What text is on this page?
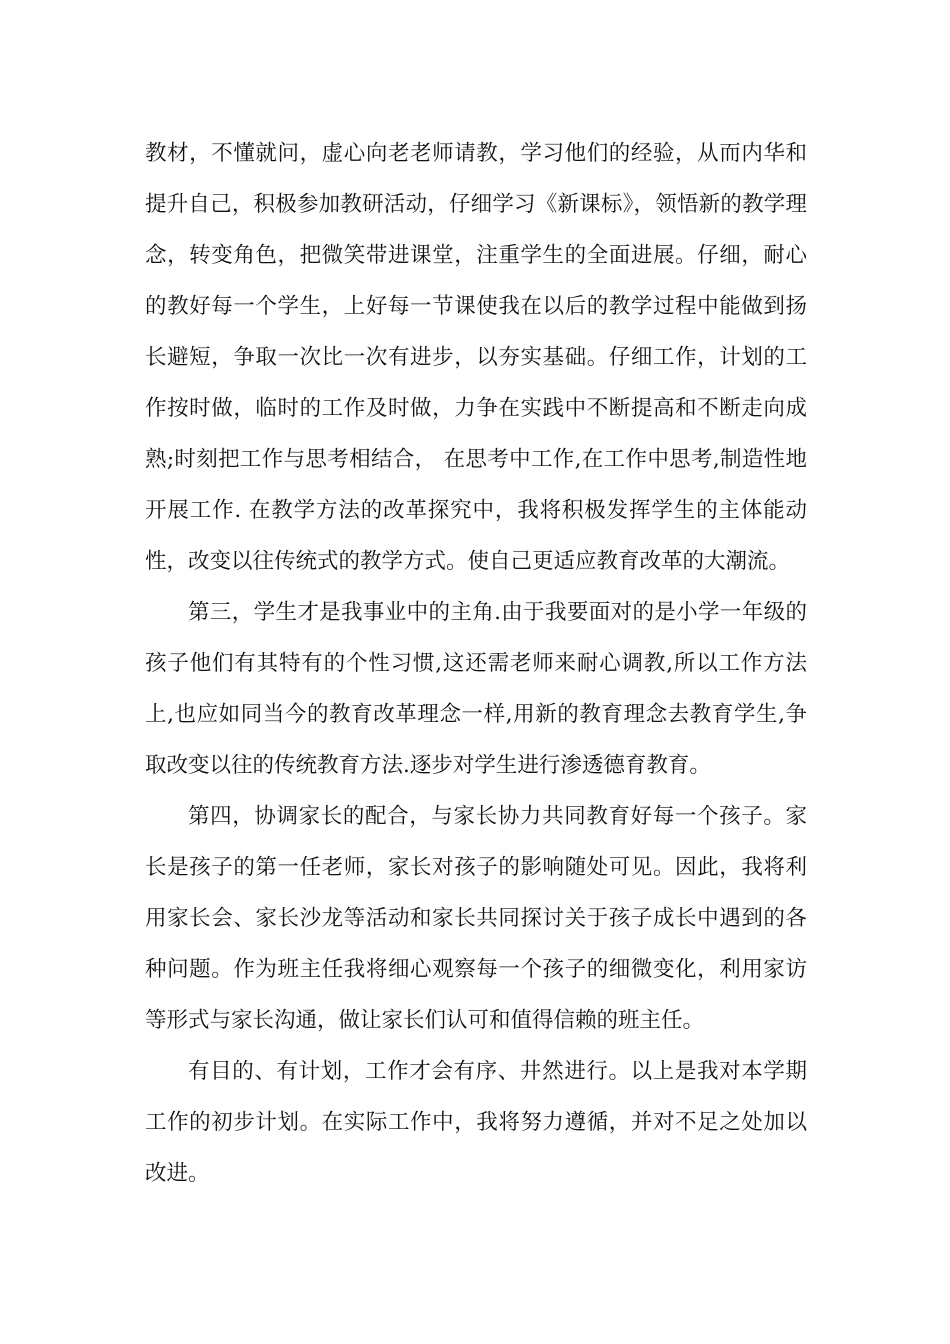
教材，不懂就问，虚心向老老师请教，学习他们的经验，从而内华和提升自己，积极参加教研活动，仔细学习《新课标》，领悟新的教学理念，转变角色，把微笑带进课堂，注重学生的全面进展。仔细，耐心的教好每一个学生，上好每一节课使我在以后的教学过程中能做到扬长避短，争取一次比一次有进步，以夯实基础。仔细工作，计划的工作按时做，临时的工作及时做，力争在实践中不断提高和不断走向成熟;时刻把工作与思考相结合， 在思考中工作,在工作中思考,制造性地开展工作. 在教学方法的改革探究中，我将积极发挥学生的主体能动性，改变以往传统式的教学方式。使自己更适应教育改革的大潮流。

第三，学生才是我事业中的主角.由于我要面对的是小学一年级的孩子他们有其特有的个性习惯,这还需老师来耐心调教,所以工作方法上,也应如同当今的教育改革理念一样,用新的教育理念去教育学生,争取改变以往的传统教育方法.逐步对学生进行渗透德育教育。

第四，协调家长的配合，与家长协力共同教育好每一个孩子。家长是孩子的第一任老师，家长对孩子的影响随处可见。因此，我将利用家长会、家长沙龙等活动和家长共同探讨关于孩子成长中遇到的各种问题。作为班主任我将细心观察每一个孩子的细微变化，利用家访等形式与家长沟通，做让家长们认可和值得信赖的班主任。

有目的、有计划，工作才会有序、井然进行。以上是我对本学期工作的初步计划。在实际工作中，我将努力遵循，并对不足之处加以改进。
